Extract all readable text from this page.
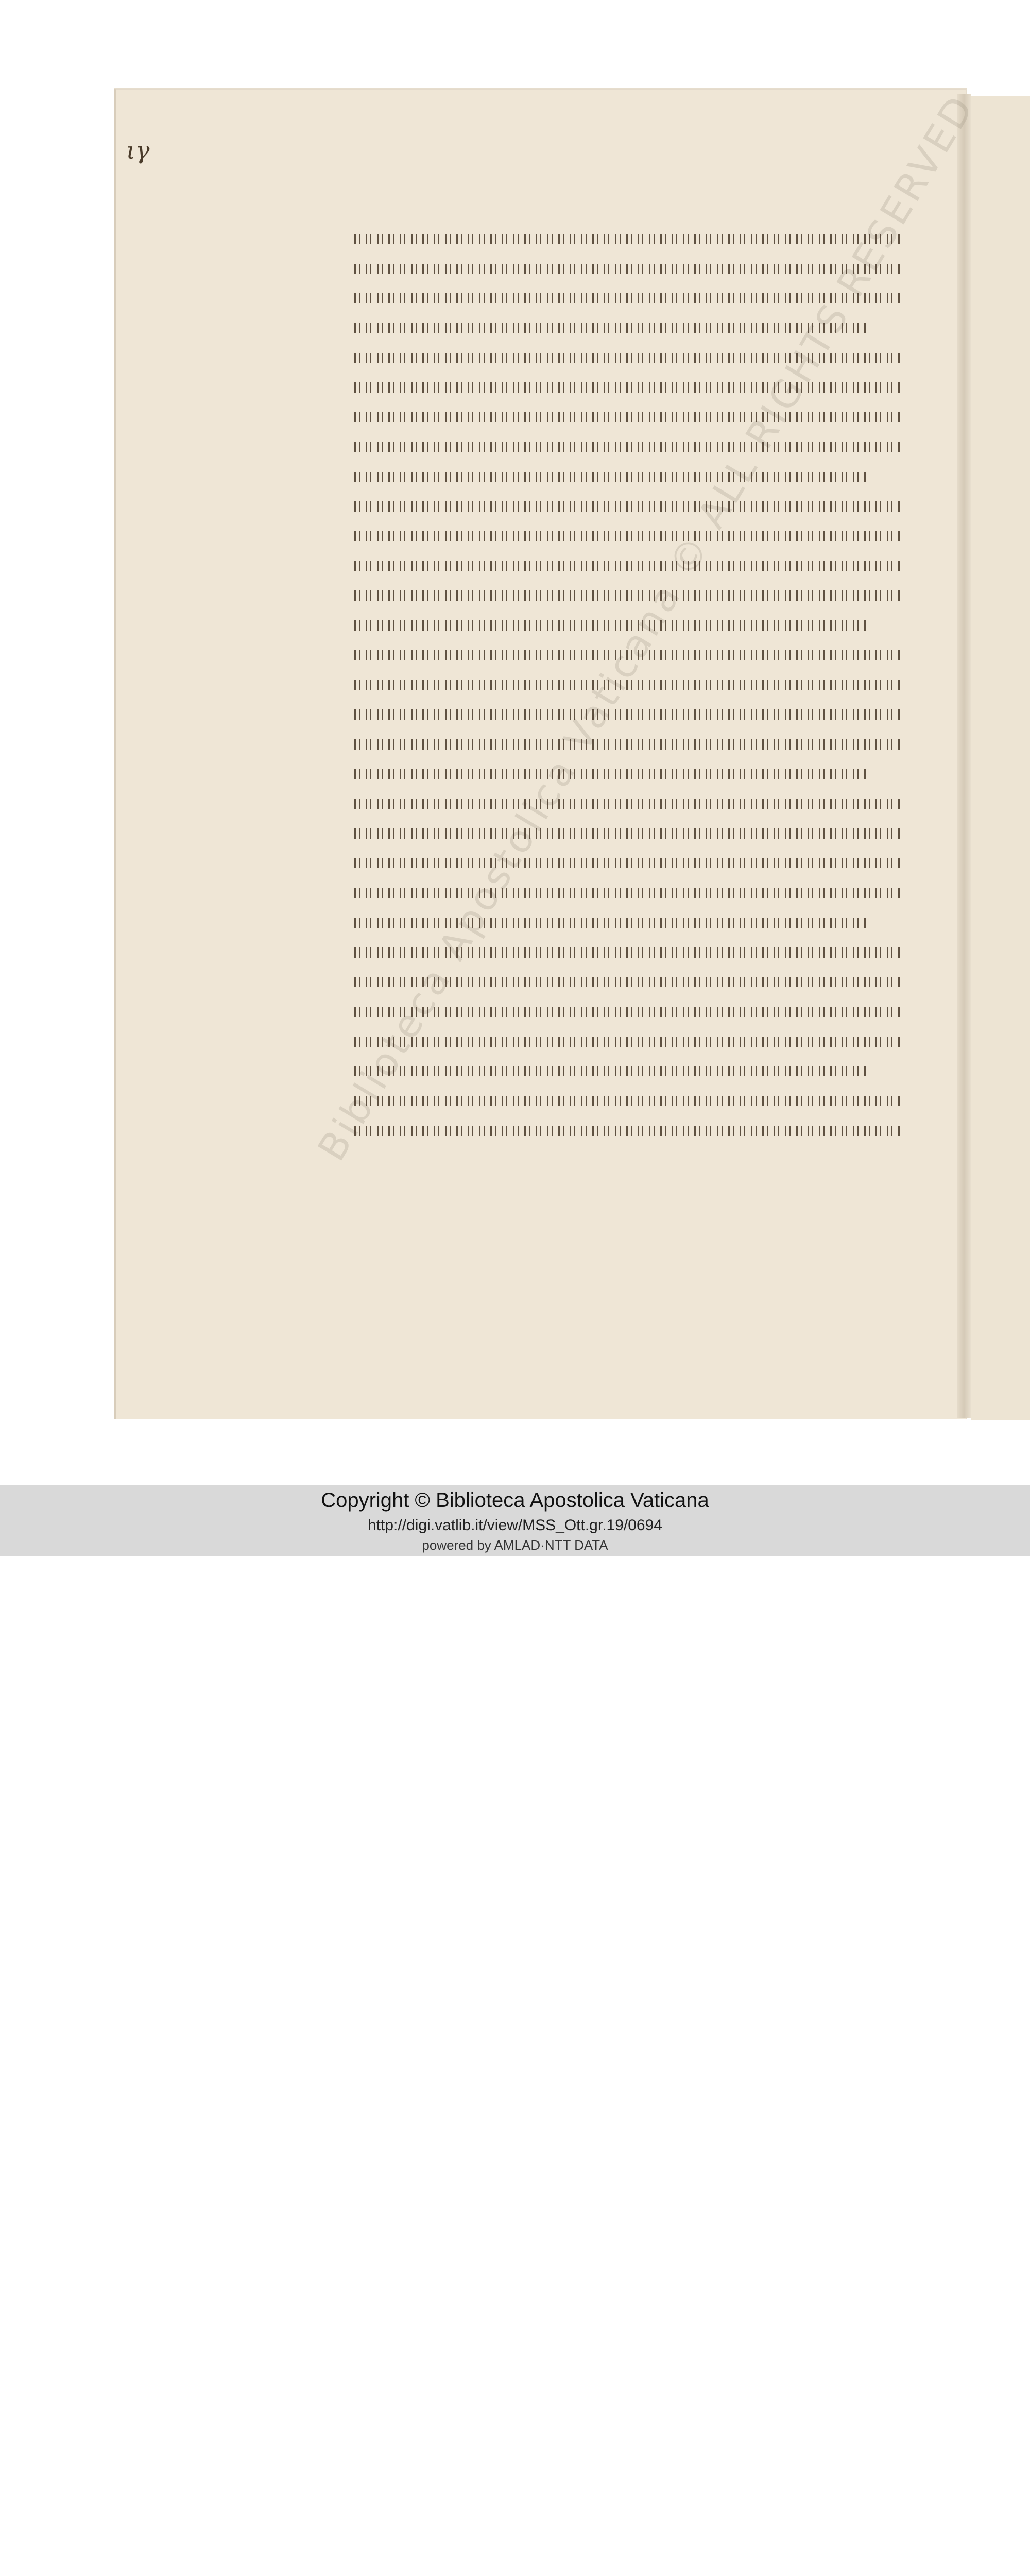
ιγ
ALL
Copyright © Biblioteca Apostolica Vaticana
http://digi.vatlib.it/view/MSS_Ott.gr.19/0694
powered by AMLAD·NTT DATA
